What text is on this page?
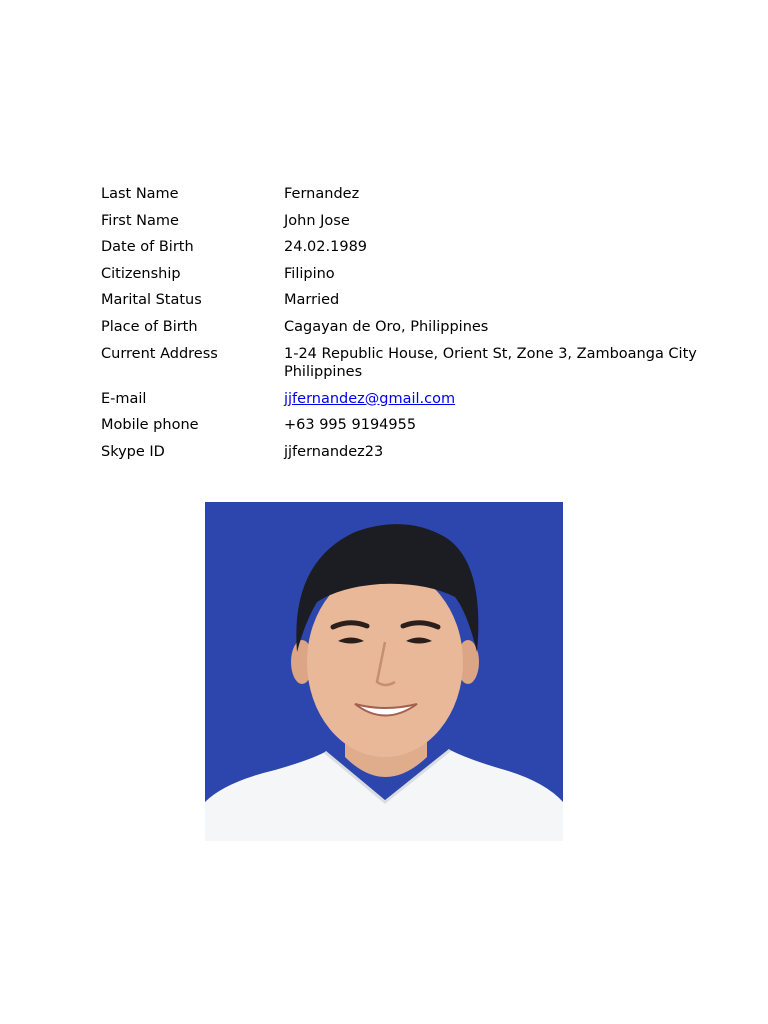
Last Name	Fernandez
First Name	John Jose
Date of Birth	24.02.1989
Citizenship	Filipino
Marital Status	Married
Place of Birth	Cagayan de Oro, Philippines
Current Address	1-24 Republic House, Orient St, Zone 3, Zamboanga City Philippines
E-mail	jjfernandez@gmail.com
Mobile phone	+63 995 9194955
Skype ID	jjfernandez23
